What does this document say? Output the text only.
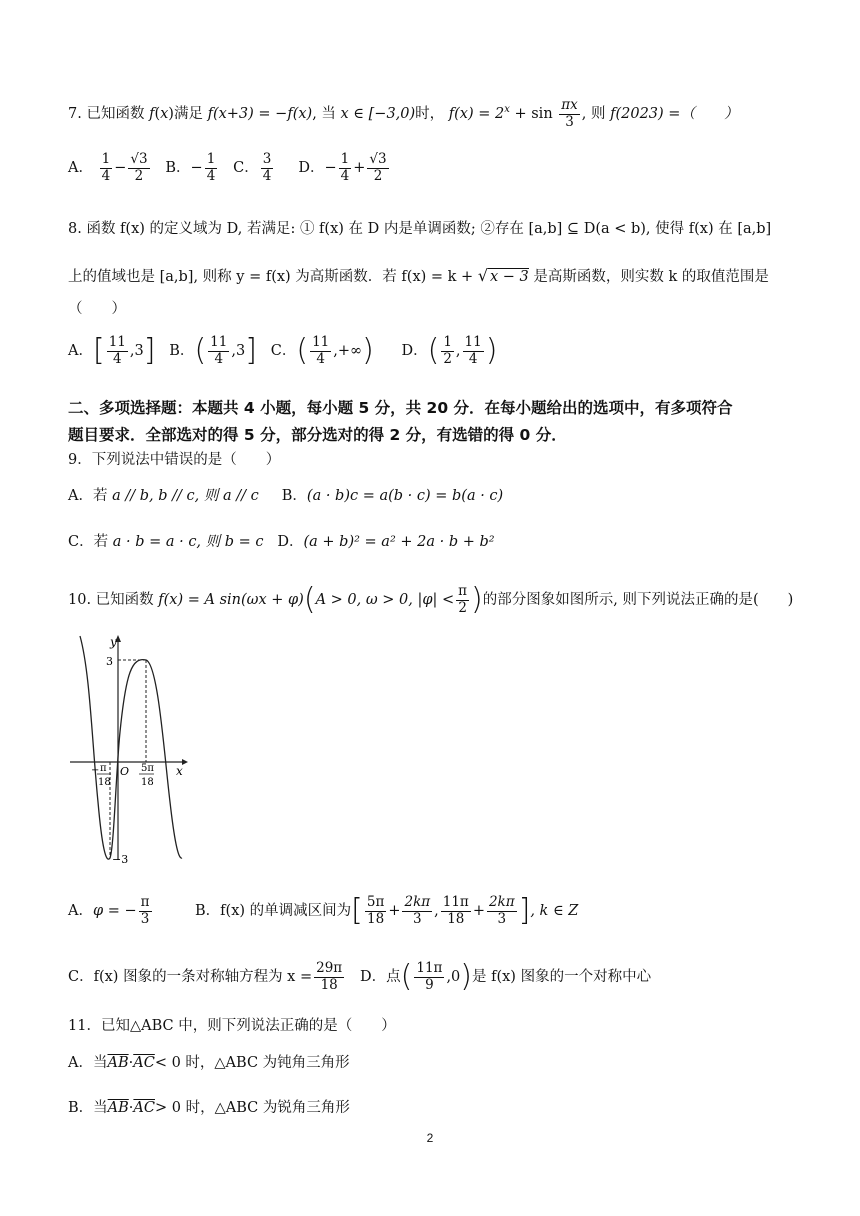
7. 已知函数 f(x)满足 f(x+3) = −f(x), 当 x ∈ [−3,0)时， $f(x) = 2^x + \sin \frac{\pi x}{3}$ , 则 f(2023) =（　　）
A． $\frac{1}{4} - \frac{√3}{2}$ B．− $\frac{1}{4}$ C． $\frac{3}{4}$ D．− $\frac{1}{4} + \frac{√3}{2}$
8. 函数 f(x) 的定义域为 D, 若满足: ① f(x) 在 D 内是单调函数; ②存在 [a,b] ⊆ D(a < b), 使得 f(x) 在 [a,b]
上的值域也是 [a,b], 则称 y = f(x) 为高斯函数．若 f(x) = k + √ x − 3 是高斯函数，则实数 k 的取值范围是
（　　）
A．[ $\frac{11}{4} ,3$] B．( $\frac{11}{4} ,3$] C．( $\frac{11}{4}$ ,+∞) D．( $\frac{1}{2}$ , $\frac{11}{4}$ )
二、多项选择题：本题共 4 小题，每小题 5 分，共 20 分．在每小题给出的选项中，有多项符合
题目要求．全部选对的得 5 分，部分选对的得 2 分，有选错的得 0 分．
9．下列说法中错误的是（　　）
A．若 a // b, b // c, 则 a // c B．(a · b)c = a(b · c) = b(a · c)
C．若 a · b = a · c, 则 b = c D．(a + b)² = a² + 2a · b + b²
10. 已知函数 f(x) = A sin(ωx + φ)(A > 0, ω > 0, $|\varphi| < \frac{\pi}{2}$ )的部分图象如图所示, 则下列说法正确的是(　　)
y
x
O
3
−3
− π
18
5π
18
A．φ = − $\frac{\pi}{3}$	B．f(x) 的单调减区间为[ $\frac{5\pi}{18} + \frac{2k\pi}{3}$ , $\frac{11\pi}{18} + \frac{2k\pi}{3}$ ], k ∈ Z
C．f(x) 图象的一条对称轴方程为 $x = \frac{29\pi}{18}$ D．点( $\frac{11\pi}{9} ,0$)是 f(x) 图象的一个对称中心
11．已知△ABC 中，则下列说法正确的是（　　）
A．当$\overline{AB}\cdot\overline{AC}< 0$ 时，△ABC 为钝角三角形
B．当$\overline{AB}\cdot\overline{AC}> 0$ 时，△ABC 为锐角三角形
2
